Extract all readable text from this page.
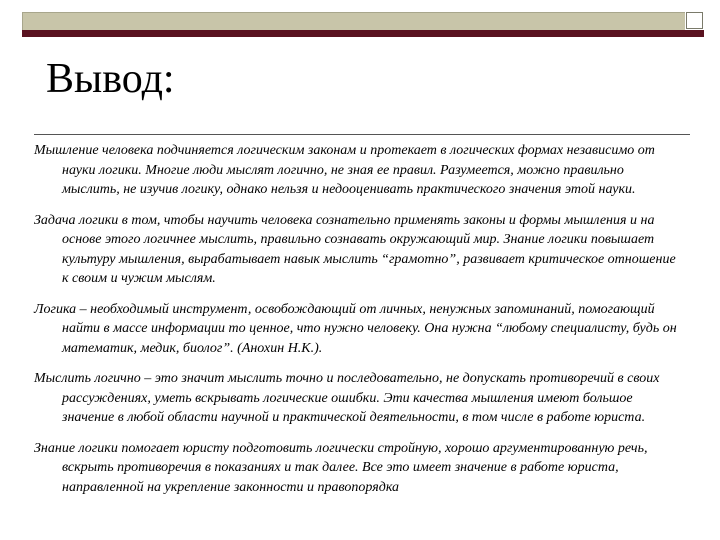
Вывод:

Мышление человека подчиняется логическим законам и протекает в логических формах независимо от науки логики. Многие люди мыслят логично, не зная ее правил. Разумеется, можно правильно мыслить, не изучив логику, однако нельзя и недооценивать практического значения этой науки.

Задача логики в том, чтобы научить человека сознательно применять законы и формы мышления и на основе этого логичнее мыслить, правильно сознавать окружающий мир. Знание логики повышает культуру мышления, вырабатывает навык мыслить “грамотно”, развивает критическое отношение к своим и чужим мыслям.

Логика – необходимый инструмент, освобождающий от личных, ненужных запоминаний, помогающий найти в массе информации то ценное, что нужно человеку. Она нужна “любому специалисту, будь он математик, медик, биолог”. (Анохин Н.К.).

Мыслить логично – это значит мыслить точно и последовательно, не допускать противоречий в своих рассуждениях, уметь вскрывать логические ошибки. Эти качества мышления имеют большое значение в любой области научной и практической деятельности, в том числе в работе юриста.

Знание логики помогает юристу подготовить логически стройную, хорошо аргументированную речь, вскрыть противоречия в показаниях и так далее. Все это имеет значение в работе юриста, направленной на укрепление законности и правопорядка
